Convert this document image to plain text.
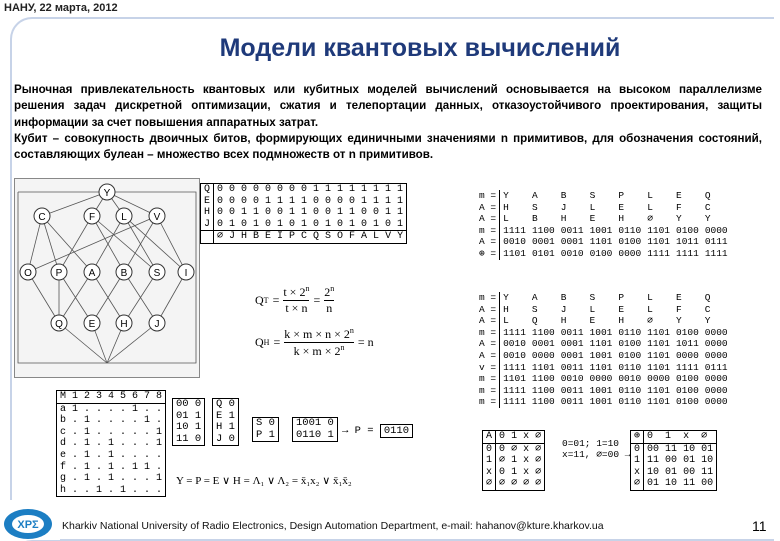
НАНУ, 22 марта, 2012
Модели квантовых вычислений

Рыночная привлекательность квантовых или кубитных моделей вычислений основывается на высоком параллелизме решения задач дискретной оптимизации, сжатия и телепортации данных, отказоустойчивого проектирования, защиты информации за счет повышения аппаратных затрат.

Кубит – совокупность двоичных битов, формирующих единичными значениями n примитивов, для обозначения состояний, составляющих булеан – множество всех подмножеств от n примитивов.

Y
C	F	L	V
O P	A	B	S I
Q	E	H	J
Q	0 0 0 0 0 0 0 0 1 1 1 1 1 1 1 1
E	0 0 0 0 1 1 1 1 0 0 0 0 1 1 1 1
H	0 0 1 1 0 0 1 1 0 0 1 1 0 0 1 1
J	0 1 0 1 0 1 0 1 0 1 0 1 0 1 0 1
	∅ J H B E I P C Q S O F A L V Y
Q $T = \frac{t \times 2^n}{t \times n} = \frac{2^n}{n}$
Q $H = \frac{k \times m \times n \times 2^n}{k \times m \times 2^n} = n$
m =	Y	A	B	S	P	L	E	Q
A =	H	S	J	L	E	L	F	C
A =	L	B	H	E	H	∅	Y	Y
m =	1111	1100	0011	1001	0110	1101	0100	0000
A =	0010	0001	0001	1101	0100	1101	1011	0111
⊕ =	1101	0101	0010	0100	0000	1111	1111	1111
m =	Y	A	B	S	P	L	E	Q
A =	H	S	J	L	E	L	F	C
A =	L	Q	H	E	H	∅	Y	Y
m =	1111	1100	0011	1001	0110	1101	0100	0000
A =	0010	0001	0001	1101	0100	1101	1011	0000
A =	0010	0000	0001	1001	0100	1101	0000	0000
v =	1111	1101	0011	1101	0110	1101	1111	0111
m =	1101	1100	0010	0000	0010	0000	0100	0000
m =	1111	1100	0011	1001	0110	1101	0100	0000
m =	1111	1100	0011	1001	0110	1101	0100	0000
M 1 2 3 4 5 6 7 8
a 1 . . . . 1 . .
b . 1 . . . . 1 .
c . 1 . . . . . 1
d . 1 . 1 . . . 1
e . 1 . 1 . . . .
f . 1 . 1 . 1 1 .
g . 1 . 1 . . . 1
h . . 1 . 1 . . .
00 0
01 1
10 1
11 0
Q 0
E 1
H 1
J 0
S 0
P 1
1001 0
0110 1 → P = 0110
Y = P = E ∨ H = Λ₁ ∨ Λ₂ = x̄₁x₂ ∨ x̄₁x̄₂
A	0	1	x	∅
0	0	∅	x	∅
1	∅	1	x	∅
x	0	1	x	∅
∅	∅	∅	∅	∅
0=01; 1=10
x=11, ∅=00 →
⊕	0	1	x	∅
0	00	11	10	01
1	11	00	01	10
x	10	01	00	11
∅	01	10	11	00
ΧΡΣ Kharkiv National University of Radio Electronics, Design Automation Department, e-mail: hahanov@kture.kharkov.ua	11
